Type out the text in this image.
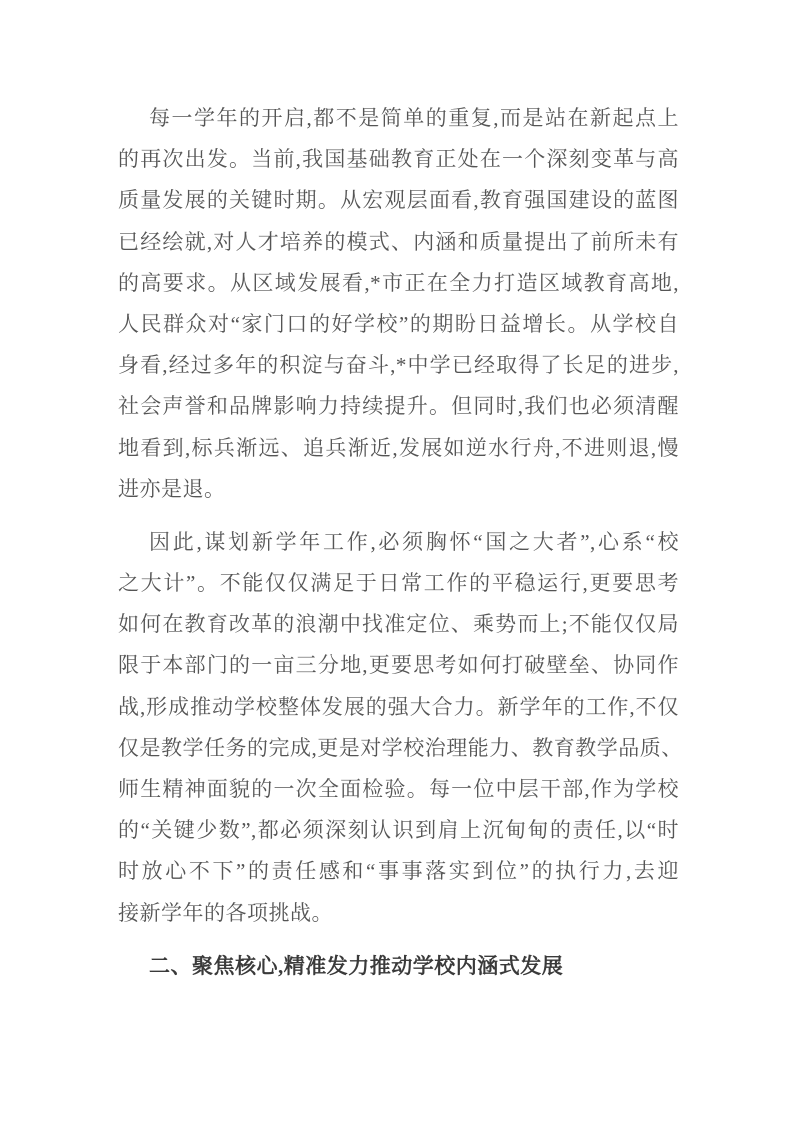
每一学年的开启,都不是简单的重复,而是站在新起点上
的再次出发。当前,我国基础教育正处在一个深刻变革与高
质量发展的关键时期。从宏观层面看,教育强国建设的蓝图
已经绘就,对人才培养的模式、内涵和质量提出了前所未有
的高要求。从区域发展看,*市正在全力打造区域教育高地,
人民群众对“家门口的好学校”的期盼日益增长。从学校自
身看,经过多年的积淀与奋斗,*中学已经取得了长足的进步,
社会声誉和品牌影响力持续提升。但同时,我们也必须清醒
地看到,标兵渐远、追兵渐近,发展如逆水行舟,不进则退,慢
进亦是退。
因此,谋划新学年工作,必须胸怀“国之大者”,心系“校
之大计”。不能仅仅满足于日常工作的平稳运行,更要思考
如何在教育改革的浪潮中找准定位、乘势而上;不能仅仅局
限于本部门的一亩三分地,更要思考如何打破壁垒、协同作
战,形成推动学校整体发展的强大合力。新学年的工作,不仅
仅是教学任务的完成,更是对学校治理能力、教育教学品质、
师生精神面貌的一次全面检验。每一位中层干部,作为学校
的“关键少数”,都必须深刻认识到肩上沉甸甸的责任,以“时
时放心不下”的责任感和“事事落实到位”的执行力,去迎
接新学年的各项挑战。
二、聚焦核心,精准发力推动学校内涵式发展
